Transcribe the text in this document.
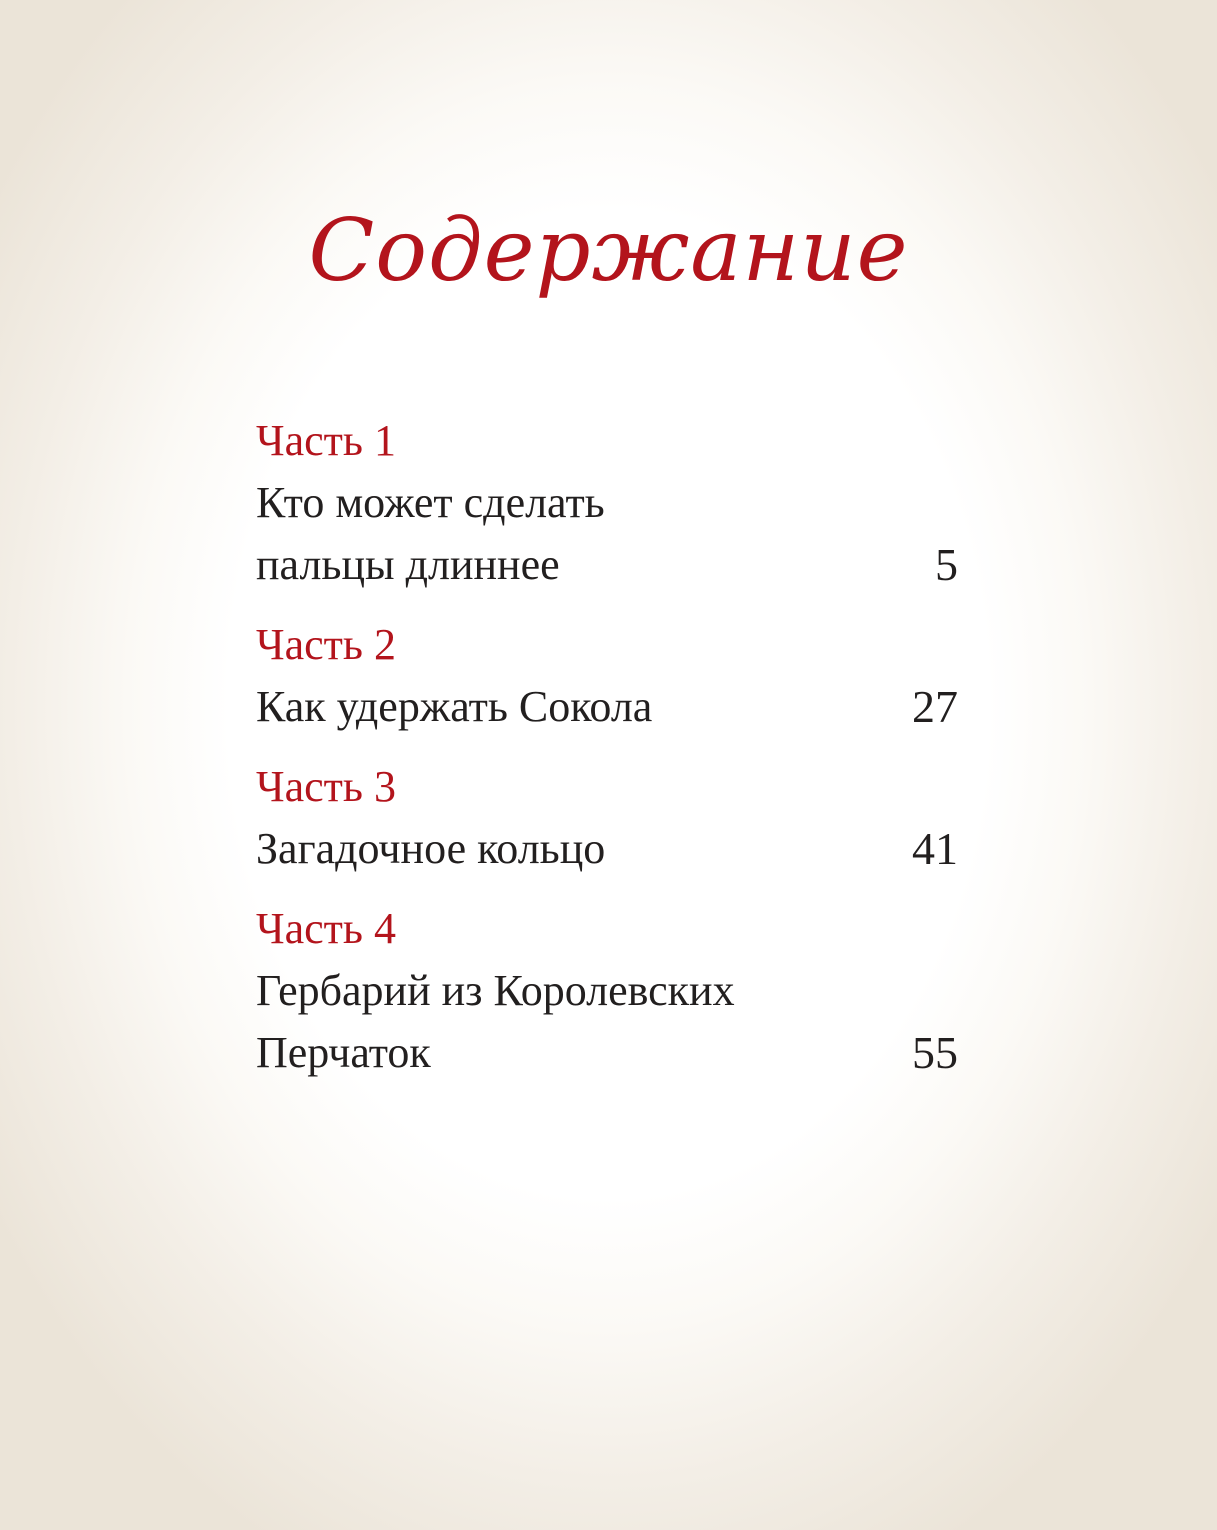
Содержание
Часть 1
Кто может сделать
пальцы длиннее	5
Часть 2
Как удержать Сокола	27
Часть 3
Загадочное кольцо	41
Часть 4
Гербарий из Королевских
Перчаток	55
